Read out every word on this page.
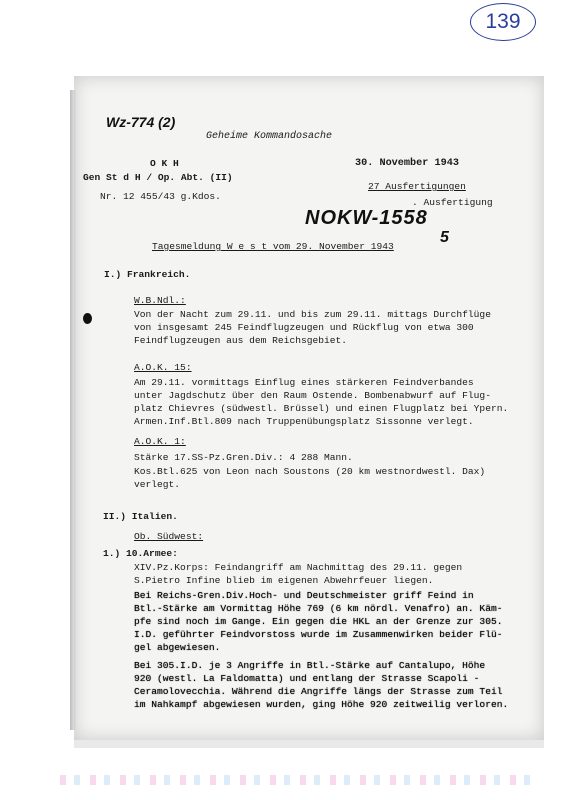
139
Wz-774 (2)
Geheime Kommandosache
O K H
Gen St d H / Op. Abt. (II)
Nr. 12 455/43 g.Kdos.
30. November 1943
27 Ausfertigungen
. Ausfertigung
NOKW-1558
5
Tagesmeldung W e s t vom 29. November 1943
I.) Frankreich.
W.B.Ndl.:
Von der Nacht zum 29.11. und bis zum 29.11. mittags Durchflüge
von insgesamt 245 Feindflugzeugen und Rückflug von etwa 300
Feindflugzeugen aus dem Reichsgebiet.
A.O.K. 15:
Am 29.11. vormittags Einflug eines stärkeren Feindverbandes
unter Jagdschutz über den Raum Ostende. Bombenabwurf auf Flug-
platz Chievres (südwestl. Brüssel) und einen Flugplatz bei Ypern.
Armen.Inf.Btl.809 nach Truppenübungsplatz Sissonne verlegt.
A.O.K. 1:
Stärke 17.SS-Pz.Gren.Div.: 4 288 Mann.
Kos.Btl.625 von Leon nach Soustons (20 km westnordwestl. Dax)
verlegt.
II.) Italien.
Ob. Südwest:
1.) 10.Armee:
XIV.Pz.Korps: Feindangriff am Nachmittag des 29.11. gegen
S.Pietro Infine blieb im eigenen Abwehrfeuer liegen.
Bei Reichs-Gren.Div.Hoch- und Deutschmeister griff Feind in
Btl.-Stärke am Vormittag Höhe 769 (6 km nördl. Venafro) an. Käm-
pfe sind noch im Gange. Ein gegen die HKL an der Grenze zur 305.
I.D. geführter Feindvorstoss wurde im Zusammenwirken beider Flü-
gel abgewiesen.
Bei 305.I.D. je 3 Angriffe in Btl.-Stärke auf Cantalupo, Höhe
920 (westl. La Faldomatta) und entlang der Strasse Scapoli -
Ceramolovecchia. Während die Angriffe längs der Strasse zum Teil
im Nahkampf abgewiesen wurden, ging Höhe 920 zeitweilig verloren.
